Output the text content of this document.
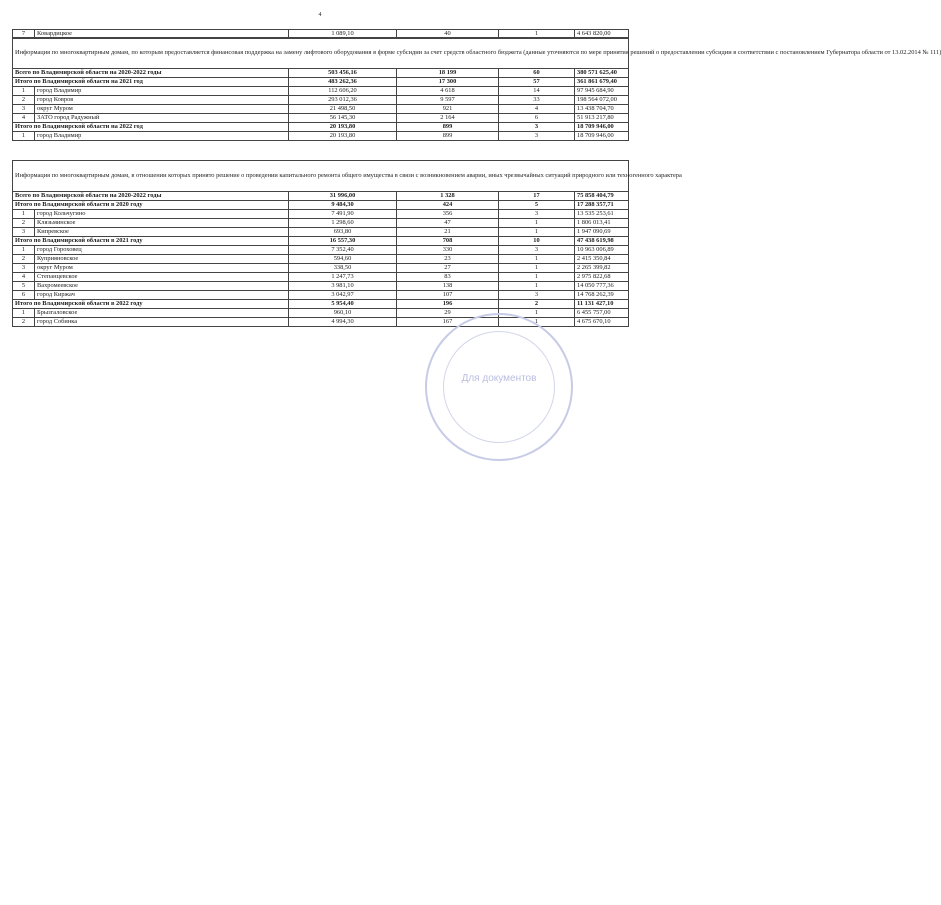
4
7	Ковардицкое	1 089,10	40	1	4 643 820,00
Информация по многоквартирным домам, по которым предоставляется финансовая поддержка на замену лифтового оборудования в форме субсидии за счет средств областного бюджета (данные уточняются по мере принятия решений о предоставлении субсидии в соответствии с постановлением Губернатора области от 13.02.2014 № 111)					
Всего по Владимирской области на 2020-2022 годы		503 456,16	18 199	60	380 571 625,40
Итого по Владимирской области на 2021 год		483 262,36	17 300	57	361 861 679,40
1	город Владимир	112 606,20	4 618	14	97 945 684,90
2	город Ковров	293 012,36	9 597	33	198 564 072,00
3	округ Муром	21 498,50	921	4	13 438 704,70
4	ЗАТО город Радужный	56 145,30	2 164	6	51 913 217,80
Итого по Владимирской области на 2022 год		20 193,80	899	3	18 709 946,00
1	город Владимир	20 193,80	899	3	18 709 946,00
Информация по многоквартирным домам, в отношении которых принято решение о проведении капитального ремонта общего имущества в связи с возникновением аварии, иных чрезвычайных ситуаций природного или техногенного характера					
Всего по Владимирской области на 2020-2022 годы		31 996,00	1 328	17	75 858 404,79
Итого по Владимирской области в 2020 году		9 484,30	424	5	17 288 357,71
1	город Кольчугино	7 491,90	356	3	13 535 253,61
2	Клязьминское	1 298,60	47	1	1 806 013,41
3	Кипревское	693,80	21	1	1 947 090,69
Итого по Владимирской области в 2021 году		16 557,30	708	10	47 438 619,98
1	город Гороховец	7 352,40	330	3	10 963 006,89
2	Куприяновское	594,60	23	1	2 415 350,84
3	округ Муром	338,50	27	1	2 265 399,82
4	Степанцевское	1 247,73	83	1	2 975 822,68
5	Вахромеевское	3 981,10	138	1	14 050 777,36
6	город Киржач	3 042,97	107	3	14 768 262,39
Итого по Владимирской области в 2022 году		5 954,40	196	2	11 131 427,10
1	Брызгаловское	960,10	29	1	6 455 757,00
2	город Собинка	4 994,30	167	1	4 675 670,10
Для документов
